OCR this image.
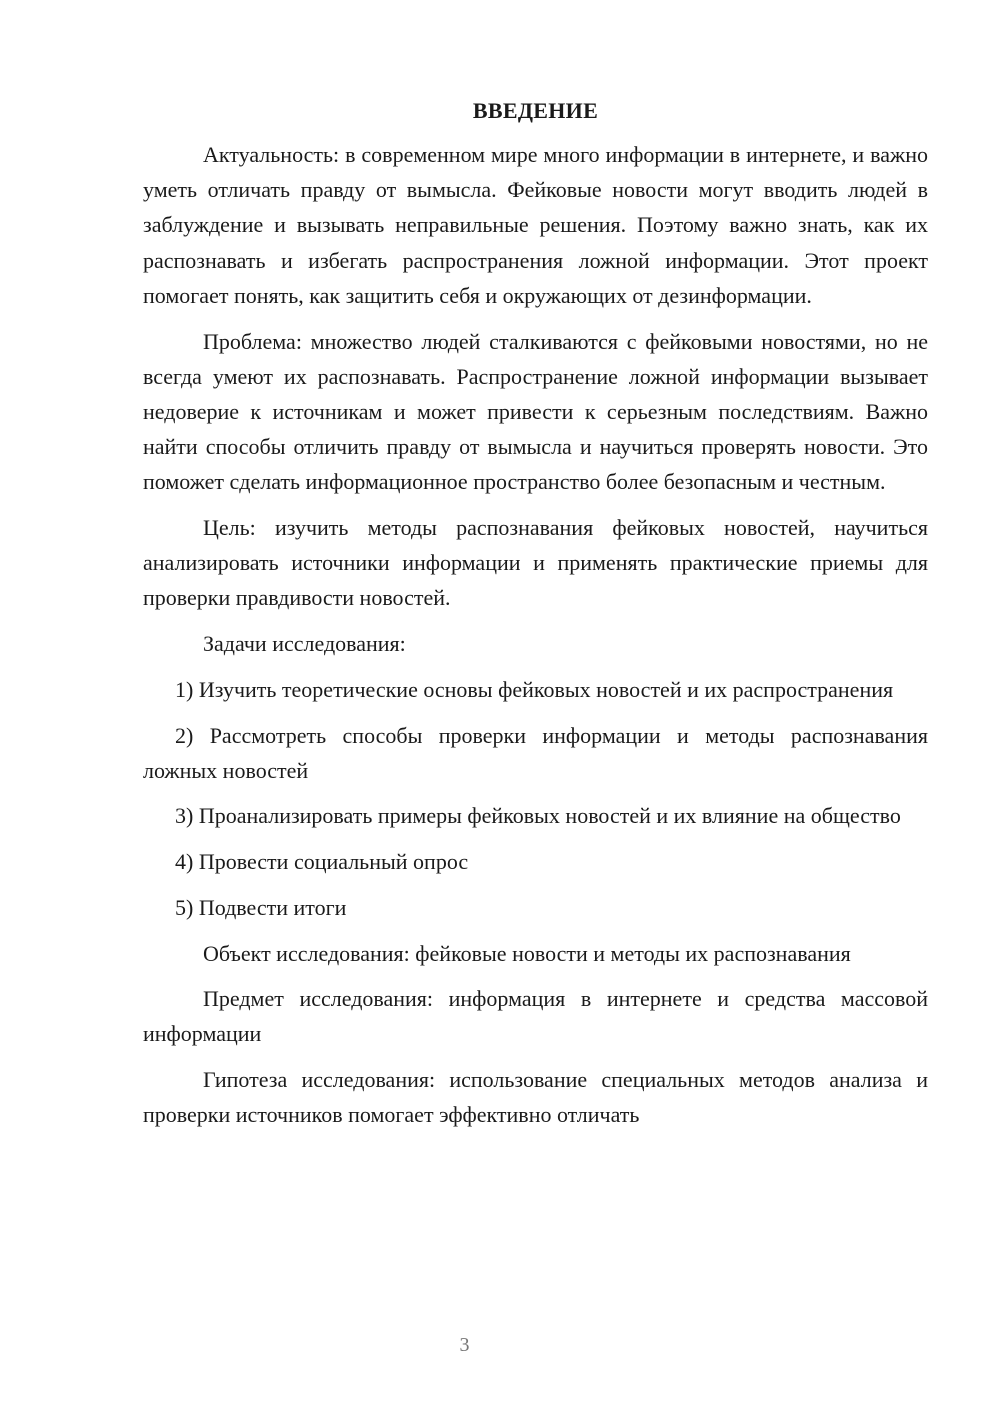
ВВЕДЕНИЕ

Актуальность: в современном мире много информации в интернете, и важно уметь отличать правду от вымысла. Фейковые новости могут вводить людей в заблуждение и вызывать неправильные решения. Поэтому важно знать, как их распознавать и избегать распространения ложной информации. Этот проект помогает понять, как защитить себя и окружающих от дезинформации.

Проблема: множество людей сталкиваются с фейковыми новостями, но не всегда умеют их распознавать. Распространение ложной информации вызывает недоверие к источникам и может привести к серьезным последствиям. Важно найти способы отличить правду от вымысла и научиться проверять новости. Это поможет сделать информационное пространство более безопасным и честным.

Цель: изучить методы распознавания фейковых новостей, научиться анализировать источники информации и применять практические приемы для проверки правдивости новостей.

Задачи исследования:

1) Изучить теоретические основы фейковых новостей и их распространения

2) Рассмотреть способы проверки информации и методы распознавания ложных новостей

3) Проанализировать примеры фейковых новостей и их влияние на общество

4) Провести социальный опрос

5) Подвести итоги

Объект исследования: фейковые новости и методы их распознавания

Предмет исследования: информация в интернете и средства массовой информации

Гипотеза исследования: использование специальных методов анализа и проверки источников помогает эффективно отличать

3
